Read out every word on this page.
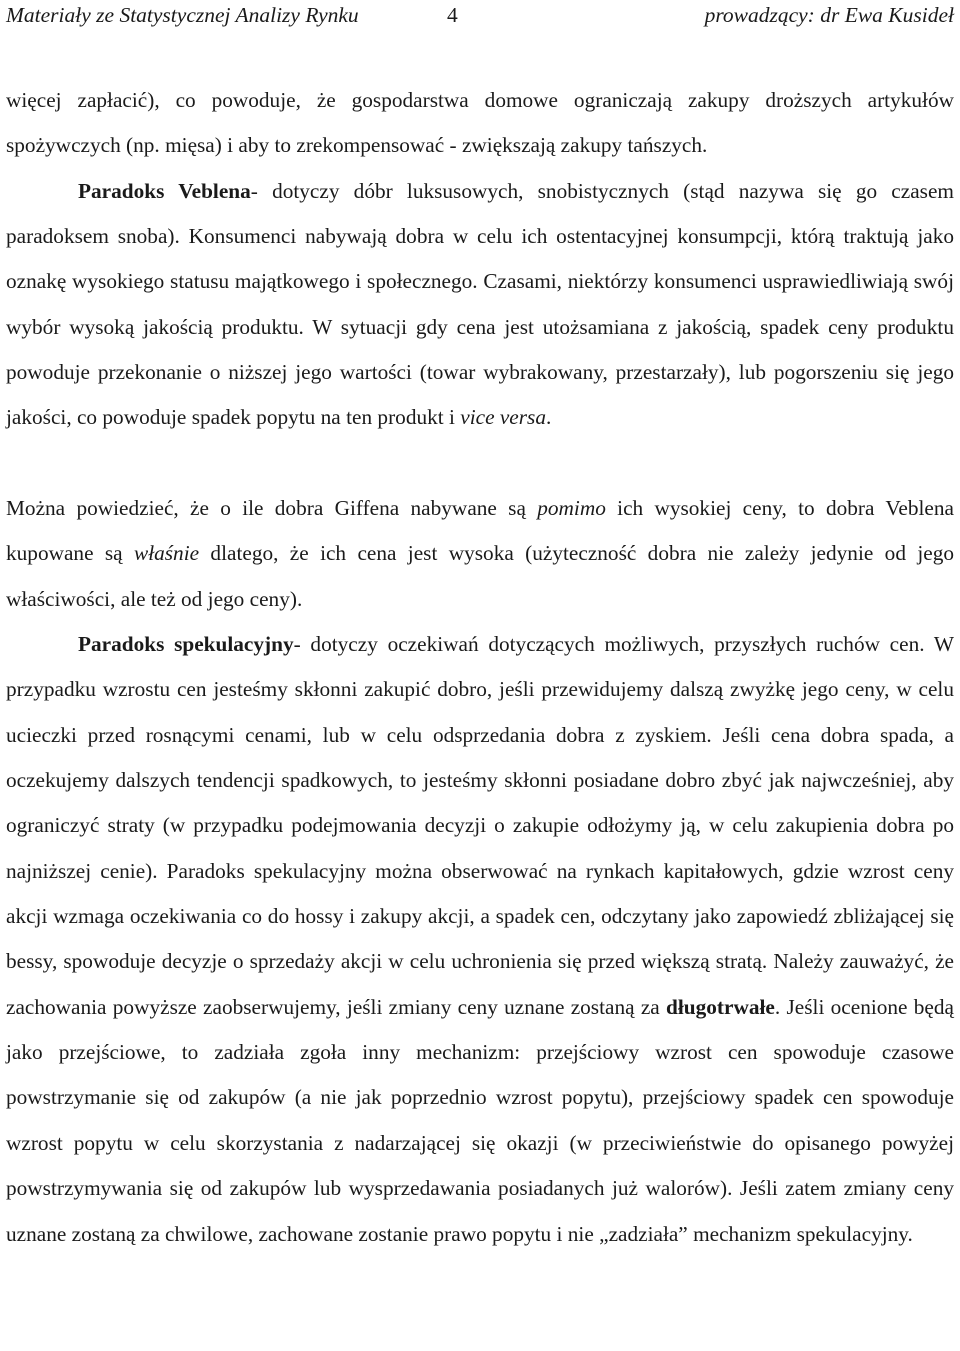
Materiały ze Statystycznej Analizy Rynku	4	prowadzący: dr Ewa Kusideł

więcej zapłacić), co powoduje, że gospodarstwa domowe ograniczają zakupy droższych artykułów spożywczych (np. mięsa) i aby to zrekompensować - zwiększają zakupy tańszych.

Paradoks Veblena- dotyczy dóbr luksusowych, snobistycznych (stąd nazywa się go czasem paradoksem snoba). Konsumenci nabywają dobra w celu ich ostentacyjnej konsumpcji, którą traktują jako oznakę wysokiego statusu majątkowego i społecznego. Czasami, niektórzy konsumenci usprawiedliwiają swój wybór wysoką jakością produktu. W sytuacji gdy cena jest utożsamiana z jakością, spadek ceny produktu powoduje przekonanie o niższej jego wartości (towar wybrakowany, przestarzały), lub pogorszeniu się jego jakości, co powoduje spadek popytu na ten produkt i vice versa.

Można powiedzieć, że o ile dobra Giffena nabywane są pomimo ich wysokiej ceny, to dobra Veblena kupowane są właśnie dlatego, że ich cena jest wysoka (użyteczność dobra nie zależy jedynie od jego właściwości, ale też od jego ceny).

Paradoks spekulacyjny- dotyczy oczekiwań dotyczących możliwych, przyszłych ruchów cen. W przypadku wzrostu cen jesteśmy skłonni zakupić dobro, jeśli przewidujemy dalszą zwyżkę jego ceny, w celu ucieczki przed rosnącymi cenami, lub w celu odsprzedania dobra z zyskiem. Jeśli cena dobra spada, a oczekujemy dalszych tendencji spadkowych, to jesteśmy skłonni posiadane dobro zbyć jak najwcześniej, aby ograniczyć straty (w przypadku podejmowania decyzji o zakupie odłożymy ją, w celu zakupienia dobra po najniższej cenie). Paradoks spekulacyjny można obserwować na rynkach kapitałowych, gdzie wzrost ceny akcji wzmaga oczekiwania co do hossy i zakupy akcji, a spadek cen, odczytany jako zapowiedź zbliżającej się bessy, spowoduje decyzje o sprzedaży akcji w celu uchronienia się przed większą stratą. Należy zauważyć, że zachowania powyższe zaobserwujemy, jeśli zmiany ceny uznane zostaną za długotrwałe. Jeśli ocenione będą jako przejściowe, to zadziała zgoła inny mechanizm: przejściowy wzrost cen spowoduje czasowe powstrzymanie się od zakupów (a nie jak poprzednio wzrost popytu), przejściowy spadek cen spowoduje wzrost popytu w celu skorzystania z nadarzającej się okazji (w przeciwieństwie do opisanego powyżej powstrzymywania się od zakupów lub wysprzedawania posiadanych już walorów). Jeśli zatem zmiany ceny uznane zostaną za chwilowe, zachowane zostanie prawo popytu i nie „zadziała” mechanizm spekulacyjny.
